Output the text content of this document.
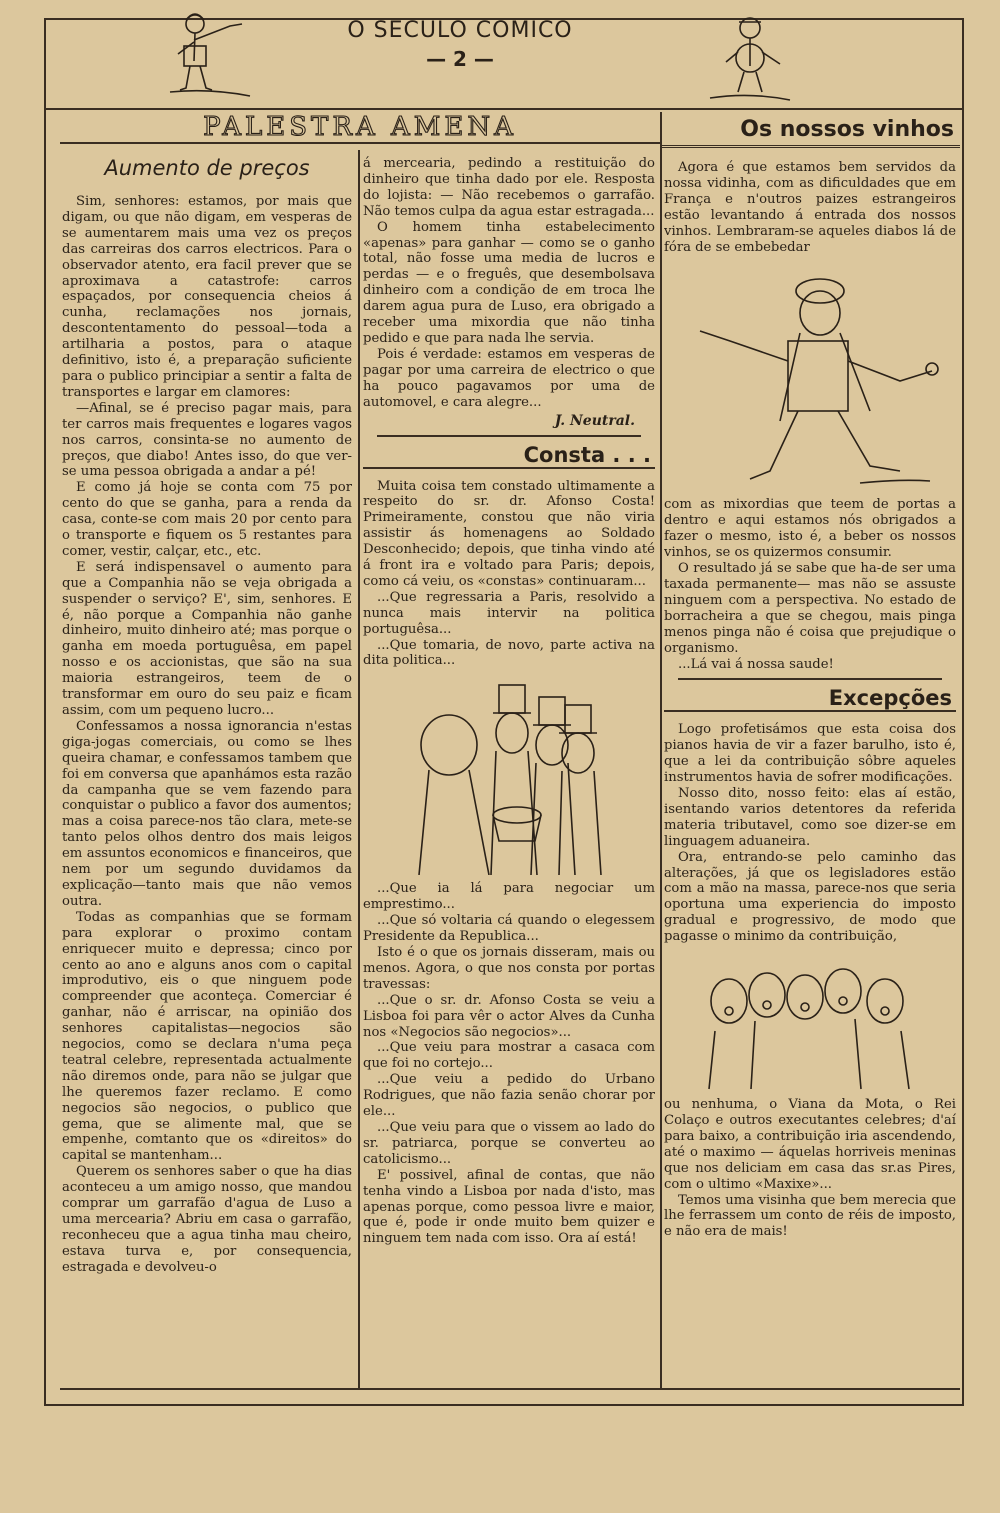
O SECULO COMICO
— 2 —
PALESTRA AMENA	Os nossos vinhos
Aumento de preços

Sim, senhores: estamos, por mais que digam, ou que não digam, em vesperas de se aumentarem mais uma vez os preços das carreiras dos carros electricos. Para o observador atento, era facil prever que se aproximava a catastrofe: carros espaçados, por consequencia cheios á cunha, reclamações nos jornais, descontentamento do pessoal—toda a artilharia a postos, para o ataque definitivo, isto é, a preparação suficiente para o publico principiar a sentir a falta de transportes e largar em clamores:

—Afinal, se é preciso pagar mais, para ter carros mais frequentes e logares vagos nos carros, consinta-se no aumento de preços, que diabo! Antes isso, do que ver-se uma pessoa obrigada a andar a pé!

E como já hoje se conta com 75 por cento do que se ganha, para a renda da casa, conte-se com mais 20 por cento para o transporte e fiquem os 5 restantes para comer, vestir, calçar, etc., etc.

E será indispensavel o aumento para que a Companhia não se veja obrigada a suspender o serviço? E', sim, senhores. E é, não porque a Companhia não ganhe dinheiro, muito dinheiro até; mas porque o ganha em moeda portuguêsa, em papel nosso e os accionistas, que são na sua maioria estrangeiros, teem de o transformar em ouro do seu paiz e ficam assim, com um pequeno lucro...

Confessamos a nossa ignorancia n'estas giga-jogas comerciais, ou como se lhes queira chamar, e confessamos tambem que foi em conversa que apanhámos esta razão da campanha que se vem fazendo para conquistar o publico a favor dos aumentos; mas a coisa parece-nos tão clara, mete-se tanto pelos olhos dentro dos mais leigos em assuntos economicos e financeiros, que nem por um segundo duvidamos da explicação—tanto mais que não vemos outra.

Todas as companhias que se formam para explorar o proximo contam enriquecer muito e depressa; cinco por cento ao ano e alguns anos com o capital improdutivo, eis o que ninguem pode compreender que aconteça. Comerciar é ganhar, não é arriscar, na opinião dos senhores capitalistas—negocios são negocios, como se declara n'uma peça teatral celebre, representada actualmente não diremos onde, para não se julgar que lhe queremos fazer reclamo. E como negocios são negocios, o publico que gema, que se alimente mal, que se empenhe, comtanto que os «direitos» do capital se mantenham...

Querem os senhores saber o que ha dias aconteceu a um amigo nosso, que mandou comprar um garrafão d'agua de Luso a uma mercearia? Abriu em casa o garrafão, reconheceu que a agua tinha mau cheiro, estava turva e, por consequencia, estragada e devolveu-o

á mercearia, pedindo a restituição do dinheiro que tinha dado por ele. Resposta do lojista: — Não recebemos o garrafão. Não temos culpa da agua estar estragada...

O homem tinha estabelecimento «apenas» para ganhar — como se o ganho total, não fosse uma media de lucros e perdas — e o freguês, que desembolsava dinheiro com a condição de em troca lhe darem agua pura de Luso, era obrigado a receber uma mixordia que não tinha pedido e que para nada lhe servia.

Pois é verdade: estamos em vesperas de pagar por uma carreira de electrico o que ha pouco pagavamos por uma de automovel, e cara alegre...

J. Neutral.
Consta . . .

Muita coisa tem constado ultimamente a respeito do sr. dr. Afonso Costa! Primeiramente, constou que não viria assistir ás homenagens ao Soldado Desconhecido; depois, que tinha vindo até á front ira e voltado para Paris; depois, como cá veiu, os «constas» continuaram...

...Que regressaria a Paris, resolvido a nunca mais intervir na politica portuguêsa...

...Que tomaria, de novo, parte activa na dita politica...

...Que ia lá para negociar um emprestimo...

...Que só voltaria cá quando o elegessem Presidente da Republica...

Isto é o que os jornais disseram, mais ou menos. Agora, o que nos consta por portas travessas:

...Que o sr. dr. Afonso Costa se veiu a Lisboa foi para vêr o actor Alves da Cunha nos «Negocios são negocios»...

...Que veiu para mostrar a casaca com que foi no cortejo...

...Que veiu a pedido do Urbano Rodrigues, que não fazia senão chorar por ele...

...Que veiu para que o vissem ao lado do sr. patriarca, porque se converteu ao catolicismo...

E' possivel, afinal de contas, que não tenha vindo a Lisboa por nada d'isto, mas apenas porque, como pessoa livre e maior, que é, pode ir onde muito bem quizer e ninguem tem nada com isso. Ora aí está!

Agora é que estamos bem servidos da nossa vidinha, com as dificuldades que em França e n'outros paizes estrangeiros estão levantando á entrada dos nossos vinhos. Lembraram-se aqueles diabos lá de fóra de se embebedar

com as mixordias que teem de portas a dentro e aqui estamos nós obrigados a fazer o mesmo, isto é, a beber os nossos vinhos, se os quizermos consumir.

O resultado já se sabe que ha-de ser uma taxada permanente— mas não se assuste ninguem com a perspectiva. No estado de borracheira a que se chegou, mais pinga menos pinga não é coisa que prejudique o organismo.

...Lá vai á nossa saude!

Excepções

Logo profetisámos que esta coisa dos pianos havia de vir a fazer barulho, isto é, que a lei da contribuição sôbre aqueles instrumentos havia de sofrer modificações.

Nosso dito, nosso feito: elas aí estão, isentando varios detentores da referida materia tributavel, como soe dizer-se em linguagem aduaneira.

Ora, entrando-se pelo caminho das alterações, já que os legisladores estão com a mão na massa, parece-nos que seria oportuna uma experiencia do imposto gradual e progressivo, de modo que pagasse o minimo da contribuição,

ou nenhuma, o Viana da Mota, o Rei Colaço e outros executantes celebres; d'aí para baixo, a contribuição iria ascendendo, até o maximo — áquelas horriveis meninas que nos deliciam em casa das sr.as Pires, com o ultimo «Maxixe»...

Temos uma visinha que bem merecia que lhe ferrassem um conto de réis de imposto, e não era de mais!
